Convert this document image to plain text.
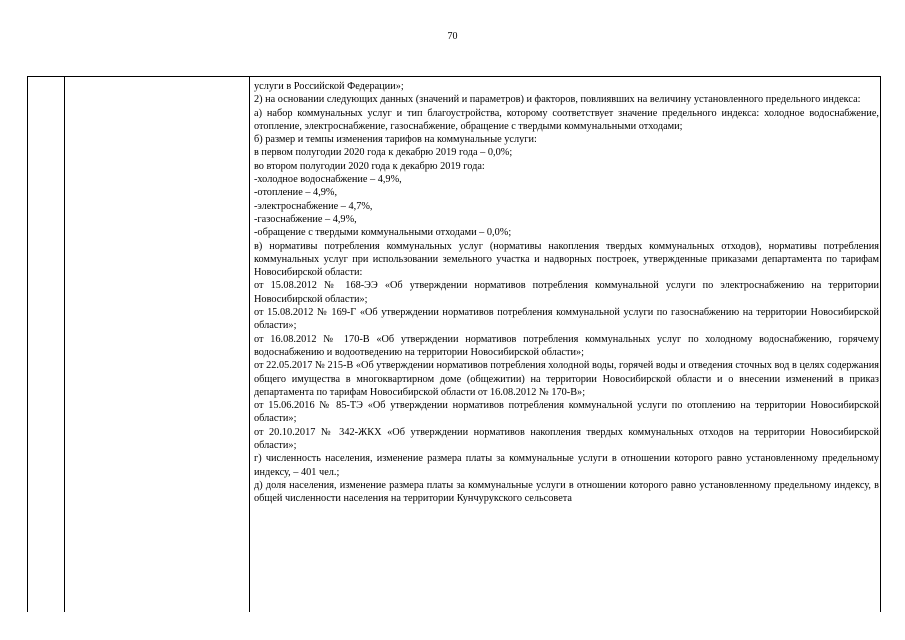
70

услуги в Российской Федерации»;

2) на основании следующих данных (значений и параметров) и факторов, повлиявших на величину установленного предельного индекса:

а) набор коммунальных услуг и тип благоустройства, которому соответствует значение предельного индекса: холодное водоснабжение, отопление, электроснабжение, газоснабжение, обращение с твердыми коммунальными отходами;

б) размер и темпы изменения тарифов на коммунальные услуги:

в первом полугодии 2020 года к декабрю 2019 года – 0,0%;

во втором полугодии 2020 года к декабрю 2019 года:

-холодное водоснабжение – 4,9%,

-отопление – 4,9%,

-электроснабжение – 4,7%,

-газоснабжение – 4,9%,

-обращение с твердыми коммунальными отходами – 0,0%;

в) нормативы потребления коммунальных услуг (нормативы накопления твердых коммунальных отходов), нормативы потребления коммунальных услуг при использовании земельного участка и надворных построек, утвержденные приказами департамента по тарифам Новосибирской области:

от 15.08.2012 № 168-ЭЭ «Об утверждении нормативов потребления коммунальной услуги по электроснабжению на территории Новосибирской области»;

от 15.08.2012 № 169-Г «Об утверждении нормативов потребления коммунальной услуги по газоснабжению на территории Новосибирской области»;

от 16.08.2012 № 170-В «Об утверждении нормативов потребления коммунальных услуг по холодному водоснабжению, горячему водоснабжению и водоотведению на территории Новосибирской области»;

от 22.05.2017 № 215-В «Об утверждении нормативов потребления холодной воды, горячей воды и отведения сточных вод в целях содержания общего имущества в многоквартирном доме (общежитии) на территории Новосибирской области и о внесении изменений в приказ департамента по тарифам Новосибирской области от 16.08.2012 № 170-В»;

от 15.06.2016 № 85-ТЭ «Об утверждении нормативов потребления коммунальной услуги по отоплению на территории Новосибирской области»;

от 20.10.2017 № 342-ЖКХ «Об утверждении нормативов накопления твердых коммунальных отходов на территории Новосибирской области»;

г) численность населения, изменение размера платы за коммунальные услуги в отношении которого равно установленному предельному индексу, – 401 чел.;

д) доля населения, изменение размера платы за коммунальные услуги в отношении которого равно установленному предельному индексу, в общей численности населения на территории Кунчурукского сельсовета
